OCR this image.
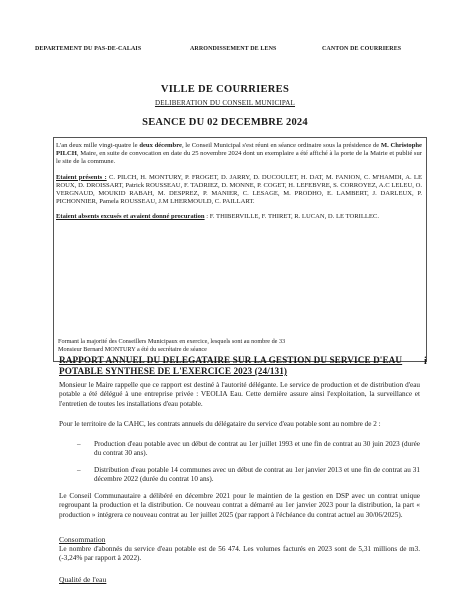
DEPARTEMENT DU PAS-DE-CALAIS	ARRONDISSEMENT DE LENS	CANTON DE COURRIERES
VILLE DE COURRIERES
DELIBERATION DU CONSEIL MUNICIPAL
SEANCE DU 02 DECEMBRE 2024

L'an deux mille vingt-quatre le deux décembre, le Conseil Municipal s'est réuni en séance ordinaire sous la présidence de M. Christophe PILCH, Maire, en suite de convocation en date du 25 novembre 2024 dont un exemplaire a été affiché à la porte de la Mairie et publié sur le site de la commune.

Etaient présents : C. PILCH, H. MONTURY, P. FROGET, D. JARRY, D. DUCOULET, H. DAT, M. FANION, C. M'HAMDI, A. LE ROUX, D. DROISSART, Patrick ROUSSEAU, F. TADRIEZ, D. MONNE, P. COGET, H. LEFEBVRE, S. CORROYEZ, A.C LELEU, O. VERGNAUD, MOUKID RABAH, M. DESPREZ, P. MANIER, C. LESAGE, M. PRODHO, E. LAMBERT, J. DARLEUX, P. PICHONNIER, Pamela ROUSSEAU, J.M LHERMOULD, C. PAILLART.

Etaient absents excusés et avaient donné procuration : F. THIBERVILLE, F. THIRET, R. LUCAN, D. LE TORILLEC.

Formant la majorité des Conseillers Municipaux en exercice, lesquels sont au nombre de 33
Monsieur Bernard MONTURY a été du secrétaire de séance
RAPPORT ANNUEL DU DELEGATAIRE SUR LA GESTION DU SERVICE D'EAU POTABLE SYNTHESE DE L'EXERCICE 2023 (24/131)
i
Monsieur le Maire rappelle que ce rapport est destiné à l'autorité délégante. Le service de production et de distribution d'eau potable a été délégué à une entreprise privée : VEOLIA Eau. Cette dernière assure ainsi l'exploitation, la surveillance et l'entretien de toutes les installations d'eau potable.
Pour le territoire de la CAHC, les contrats annuels du délégataire du service d'eau potable sont au nombre de 2 :
– Production d'eau potable avec un début de contrat au 1er juillet 1993 et une fin de contrat au 30 juin 2023 (durée du contrat 30 ans).
– Distribution d'eau potable 14 communes avec un début de contrat au 1er janvier 2013 et une fin de contrat au 31 décembre 2022 (durée du contrat 10 ans).
Le Conseil Communautaire a délibéré en décembre 2021 pour le maintien de la gestion en DSP avec un contrat unique regroupant la production et la distribution. Ce nouveau contrat a démarré au 1er janvier 2023 pour la distribution, la part « production » intégrera ce nouveau contrat au 1er juillet 2025 (par rapport à l'échéance du contrat actuel au 30/06/2025).
Consommation
Le nombre d'abonnés du service d'eau potable est de 56 474. Les volumes facturés en 2023 sont de 5,31 millions de m3. (-3,24% par rapport à 2022).
Qualité de l'eau
